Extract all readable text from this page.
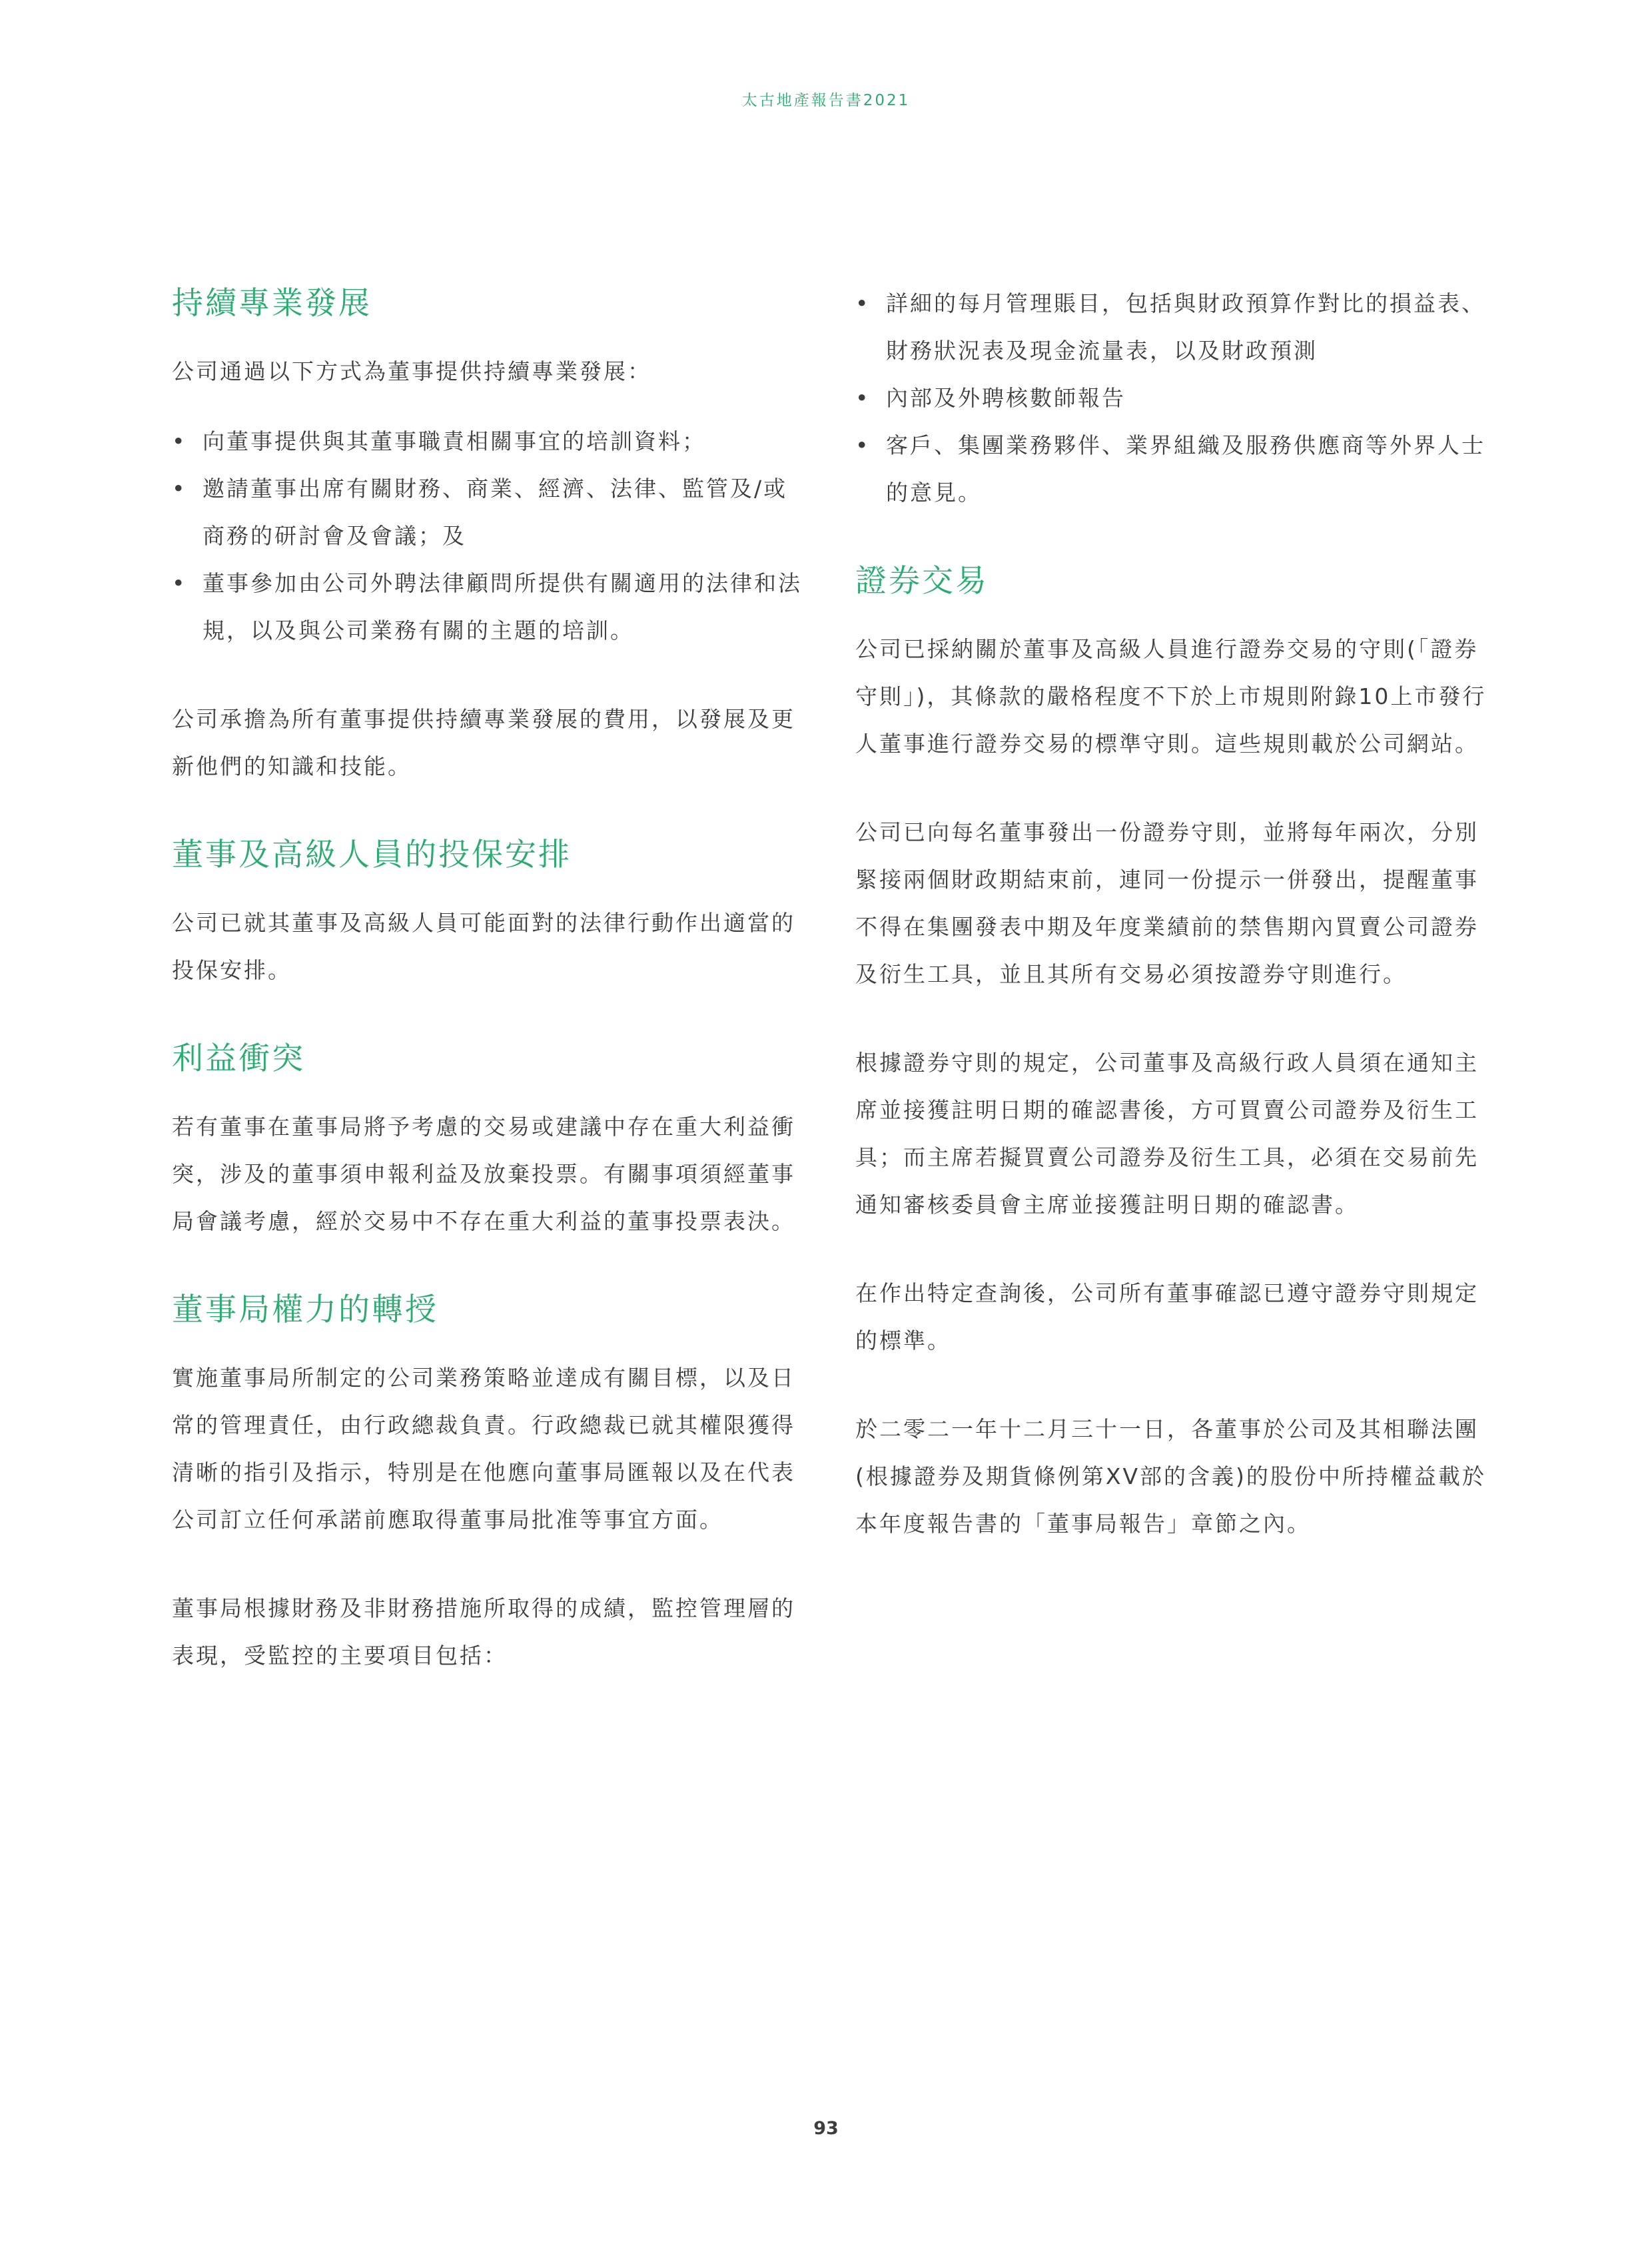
太古地產報告書2021
持續專業發展

公司通過以下方式為董事提供持續專業發展：

• 向董事提供與其董事職責相關事宜的培訓資料；
• 邀請董事出席有關財務、商業、經濟、法律、監管及/或商務的研討會及會議；及
• 董事參加由公司外聘法律顧問所提供有關適用的法律和法規，以及與公司業務有關的主題的培訓。

公司承擔為所有董事提供持續專業發展的費用，以發展及更新他們的知識和技能。

董事及高級人員的投保安排

公司已就其董事及高級人員可能面對的法律行動作出適當的投保安排。

利益衝突

若有董事在董事局將予考慮的交易或建議中存在重大利益衝突，涉及的董事須申報利益及放棄投票。有關事項須經董事局會議考慮，經於交易中不存在重大利益的董事投票表決。

董事局權力的轉授

實施董事局所制定的公司業務策略並達成有關目標，以及日常的管理責任，由行政總裁負責。行政總裁已就其權限獲得清晰的指引及指示，特別是在他應向董事局匯報以及在代表公司訂立任何承諾前應取得董事局批准等事宜方面。

董事局根據財務及非財務措施所取得的成績，監控管理層的表現，受監控的主要項目包括：

• 詳細的每月管理賬目，包括與財政預算作對比的損益表、財務狀況表及現金流量表，以及財政預測
• 內部及外聘核數師報告
• 客戶、集團業務夥伴、業界組織及服務供應商等外界人士的意見。
證券交易

公司已採納關於董事及高級人員進行證券交易的守則(「證券守則」)，其條款的嚴格程度不下於上市規則附錄10上市發行人董事進行證券交易的標準守則。這些規則載於公司網站。

公司已向每名董事發出一份證券守則，並將每年兩次，分別緊接兩個財政期結束前，連同一份提示一併發出，提醒董事不得在集團發表中期及年度業績前的禁售期內買賣公司證券及衍生工具，並且其所有交易必須按證券守則進行。

根據證券守則的規定，公司董事及高級行政人員須在通知主席並接獲註明日期的確認書後，方可買賣公司證券及衍生工具；而主席若擬買賣公司證券及衍生工具，必須在交易前先通知審核委員會主席並接獲註明日期的確認書。

在作出特定查詢後，公司所有董事確認已遵守證券守則規定的標準。

於二零二一年十二月三十一日，各董事於公司及其相聯法團(根據證券及期貨條例第XV部的含義)的股份中所持權益載於本年度報告書的「董事局報告」章節之內。

93
